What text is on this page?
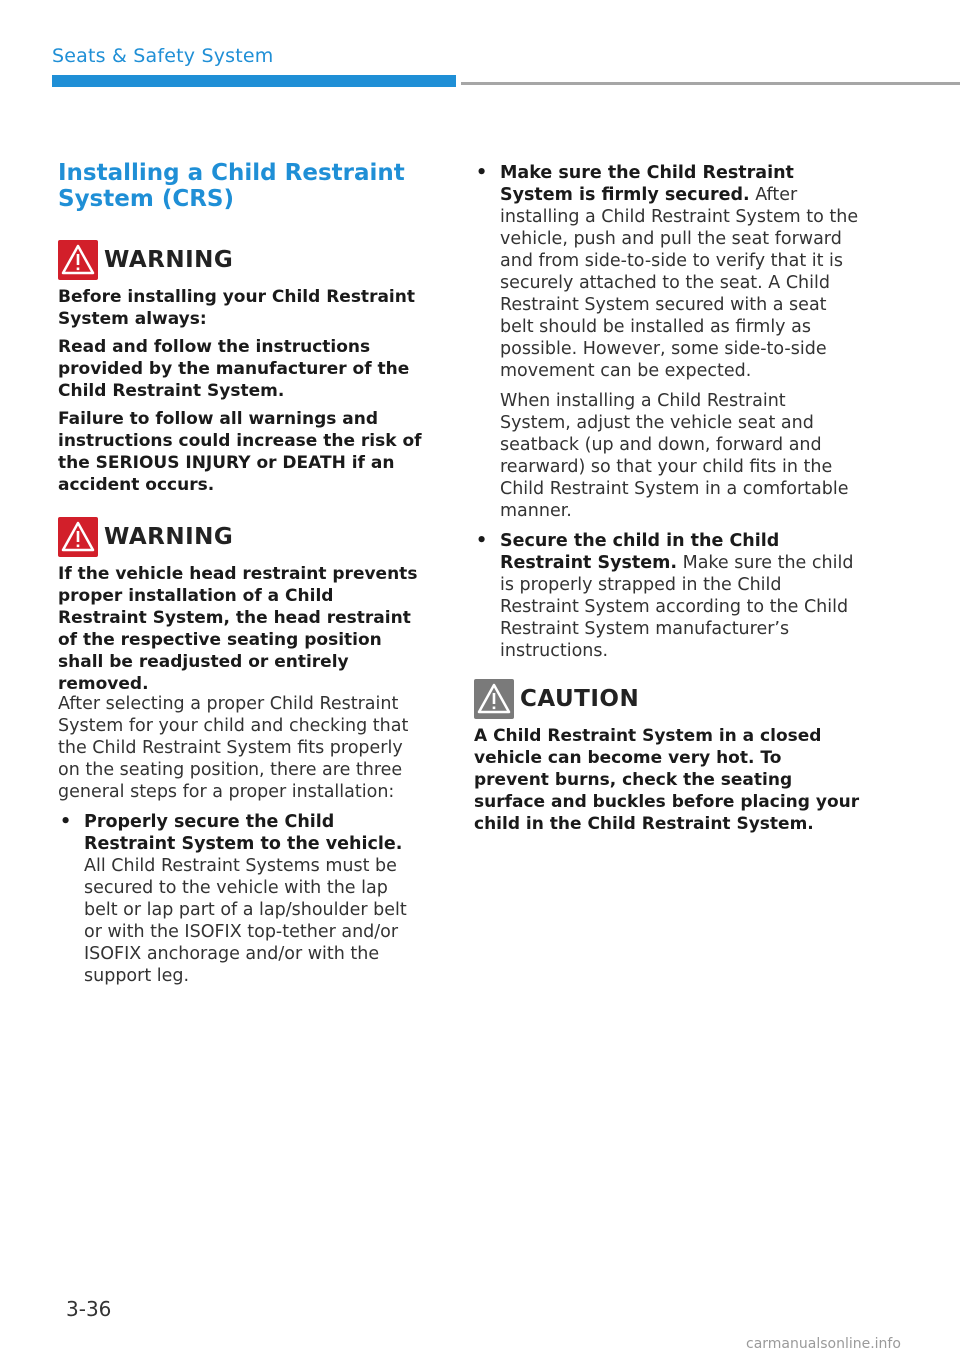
Seats & Safety System
Installing a Child Restraint System (CRS)
WARNING

Before installing your Child Restraint System always:

Read and follow the instructions provided by the manufacturer of the Child Restraint System.

Failure to follow all warnings and instructions could increase the risk of the SERIOUS INJURY or DEATH if an accident occurs.

WARNING

If the vehicle head restraint prevents proper installation of a Child Restraint System, the head restraint of the respective seating position shall be readjusted or entirely removed.

After selecting a proper Child Restraint System for your child and checking that the Child Restraint System fits properly on the seating position, there are three general steps for a proper installation:

• Properly secure the Child Restraint System to the vehicle. All Child Restraint Systems must be secured to the vehicle with the lap belt or lap part of a lap/shoulder belt or with the ISOFIX top-tether and/or ISOFIX anchorage and/or with the support leg.
• Make sure the Child Restraint System is firmly secured. After installing a Child Restraint System to the vehicle, push and pull the seat forward and from side-to-side to verify that it is securely attached to the seat. A Child Restraint System secured with a seat belt should be installed as firmly as possible. However, some side-to-side movement can be expected.
When installing a Child Restraint System, adjust the vehicle seat and seatback (up and down, forward and rearward) so that your child fits in the Child Restraint System in a comfortable manner.
• Secure the child in the Child Restraint System. Make sure the child is properly strapped in the Child Restraint System according to the Child Restraint System manufacturer’s instructions.
CAUTION

A Child Restraint System in a closed vehicle can become very hot. To prevent burns, check the seating surface and buckles before placing your child in the Child Restraint System.

3-36
carmanualsonline.info
